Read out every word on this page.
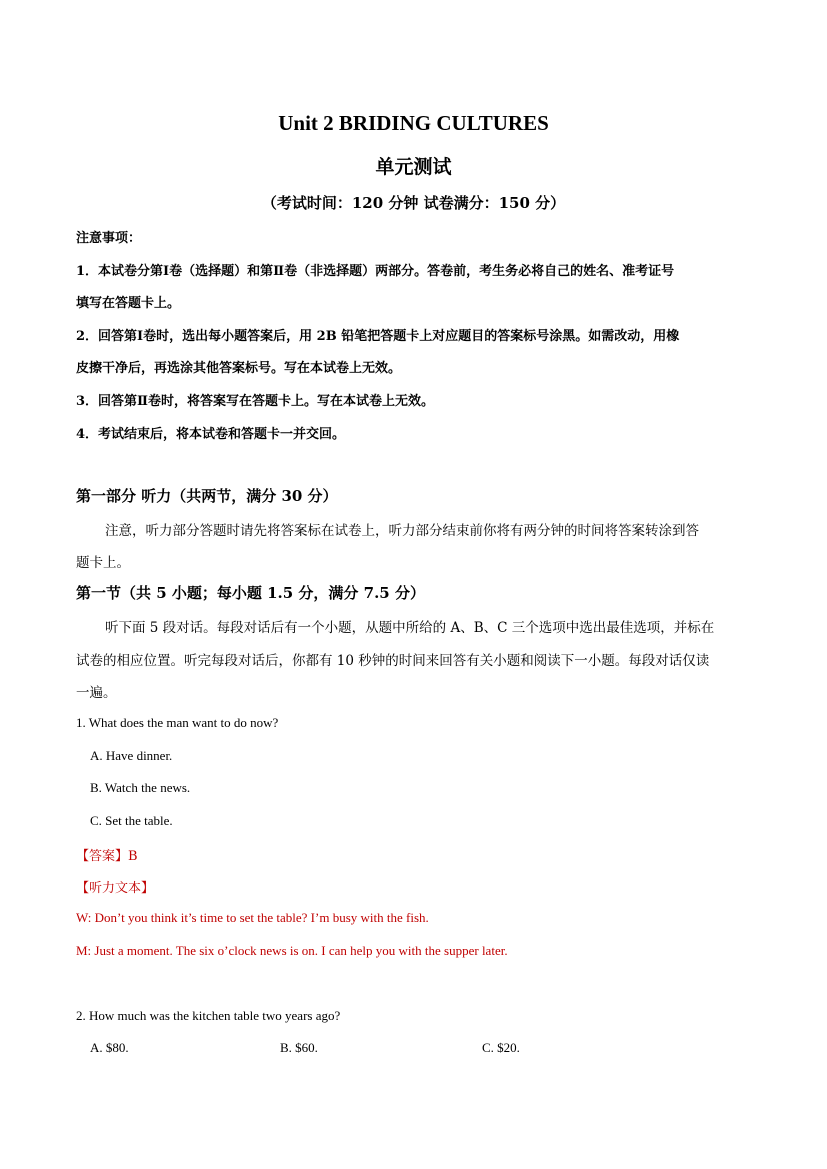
Unit 2 BRIDING CULTURES
单元测试
（考试时间：120 分钟 试卷满分：150 分）
注意事项：
1．本试卷分第Ⅰ卷（选择题）和第Ⅱ卷（非选择题）两部分。答卷前，考生务必将自己的姓名、准考证号
填写在答题卡上。
2．回答第Ⅰ卷时，选出每小题答案后，用 2B 铅笔把答题卡上对应题目的答案标号涂黑。如需改动，用橡
皮擦干净后，再选涂其他答案标号。写在本试卷上无效。
3．回答第Ⅱ卷时，将答案写在答题卡上。写在本试卷上无效。
4．考试结束后，将本试卷和答题卡一并交回。
第一部分 听力（共两节，满分 30 分）
注意，听力部分答题时请先将答案标在试卷上，听力部分结束前你将有两分钟的时间将答案转涂到答
题卡上。
第一节（共 5 小题；每小题 1.5 分，满分 7.5 分）
听下面 5 段对话。每段对话后有一个小题，从题中所给的 A、B、C 三个选项中选出最佳选项，并标在
试卷的相应位置。听完每段对话后，你都有 10 秒钟的时间来回答有关小题和阅读下一小题。每段对话仅读
一遍。
1. What does the man want to do now?
A. Have dinner.
B. Watch the news.
C. Set the table.
【答案】B
【听力文本】
W: Don’t you think it’s time to set the table? I’m busy with the fish.
M: Just a moment. The six o’clock news is on. I can help you with the supper later.
2. How much was the kitchen table two years ago?
A. $80.	B. $60.	C. $20.
